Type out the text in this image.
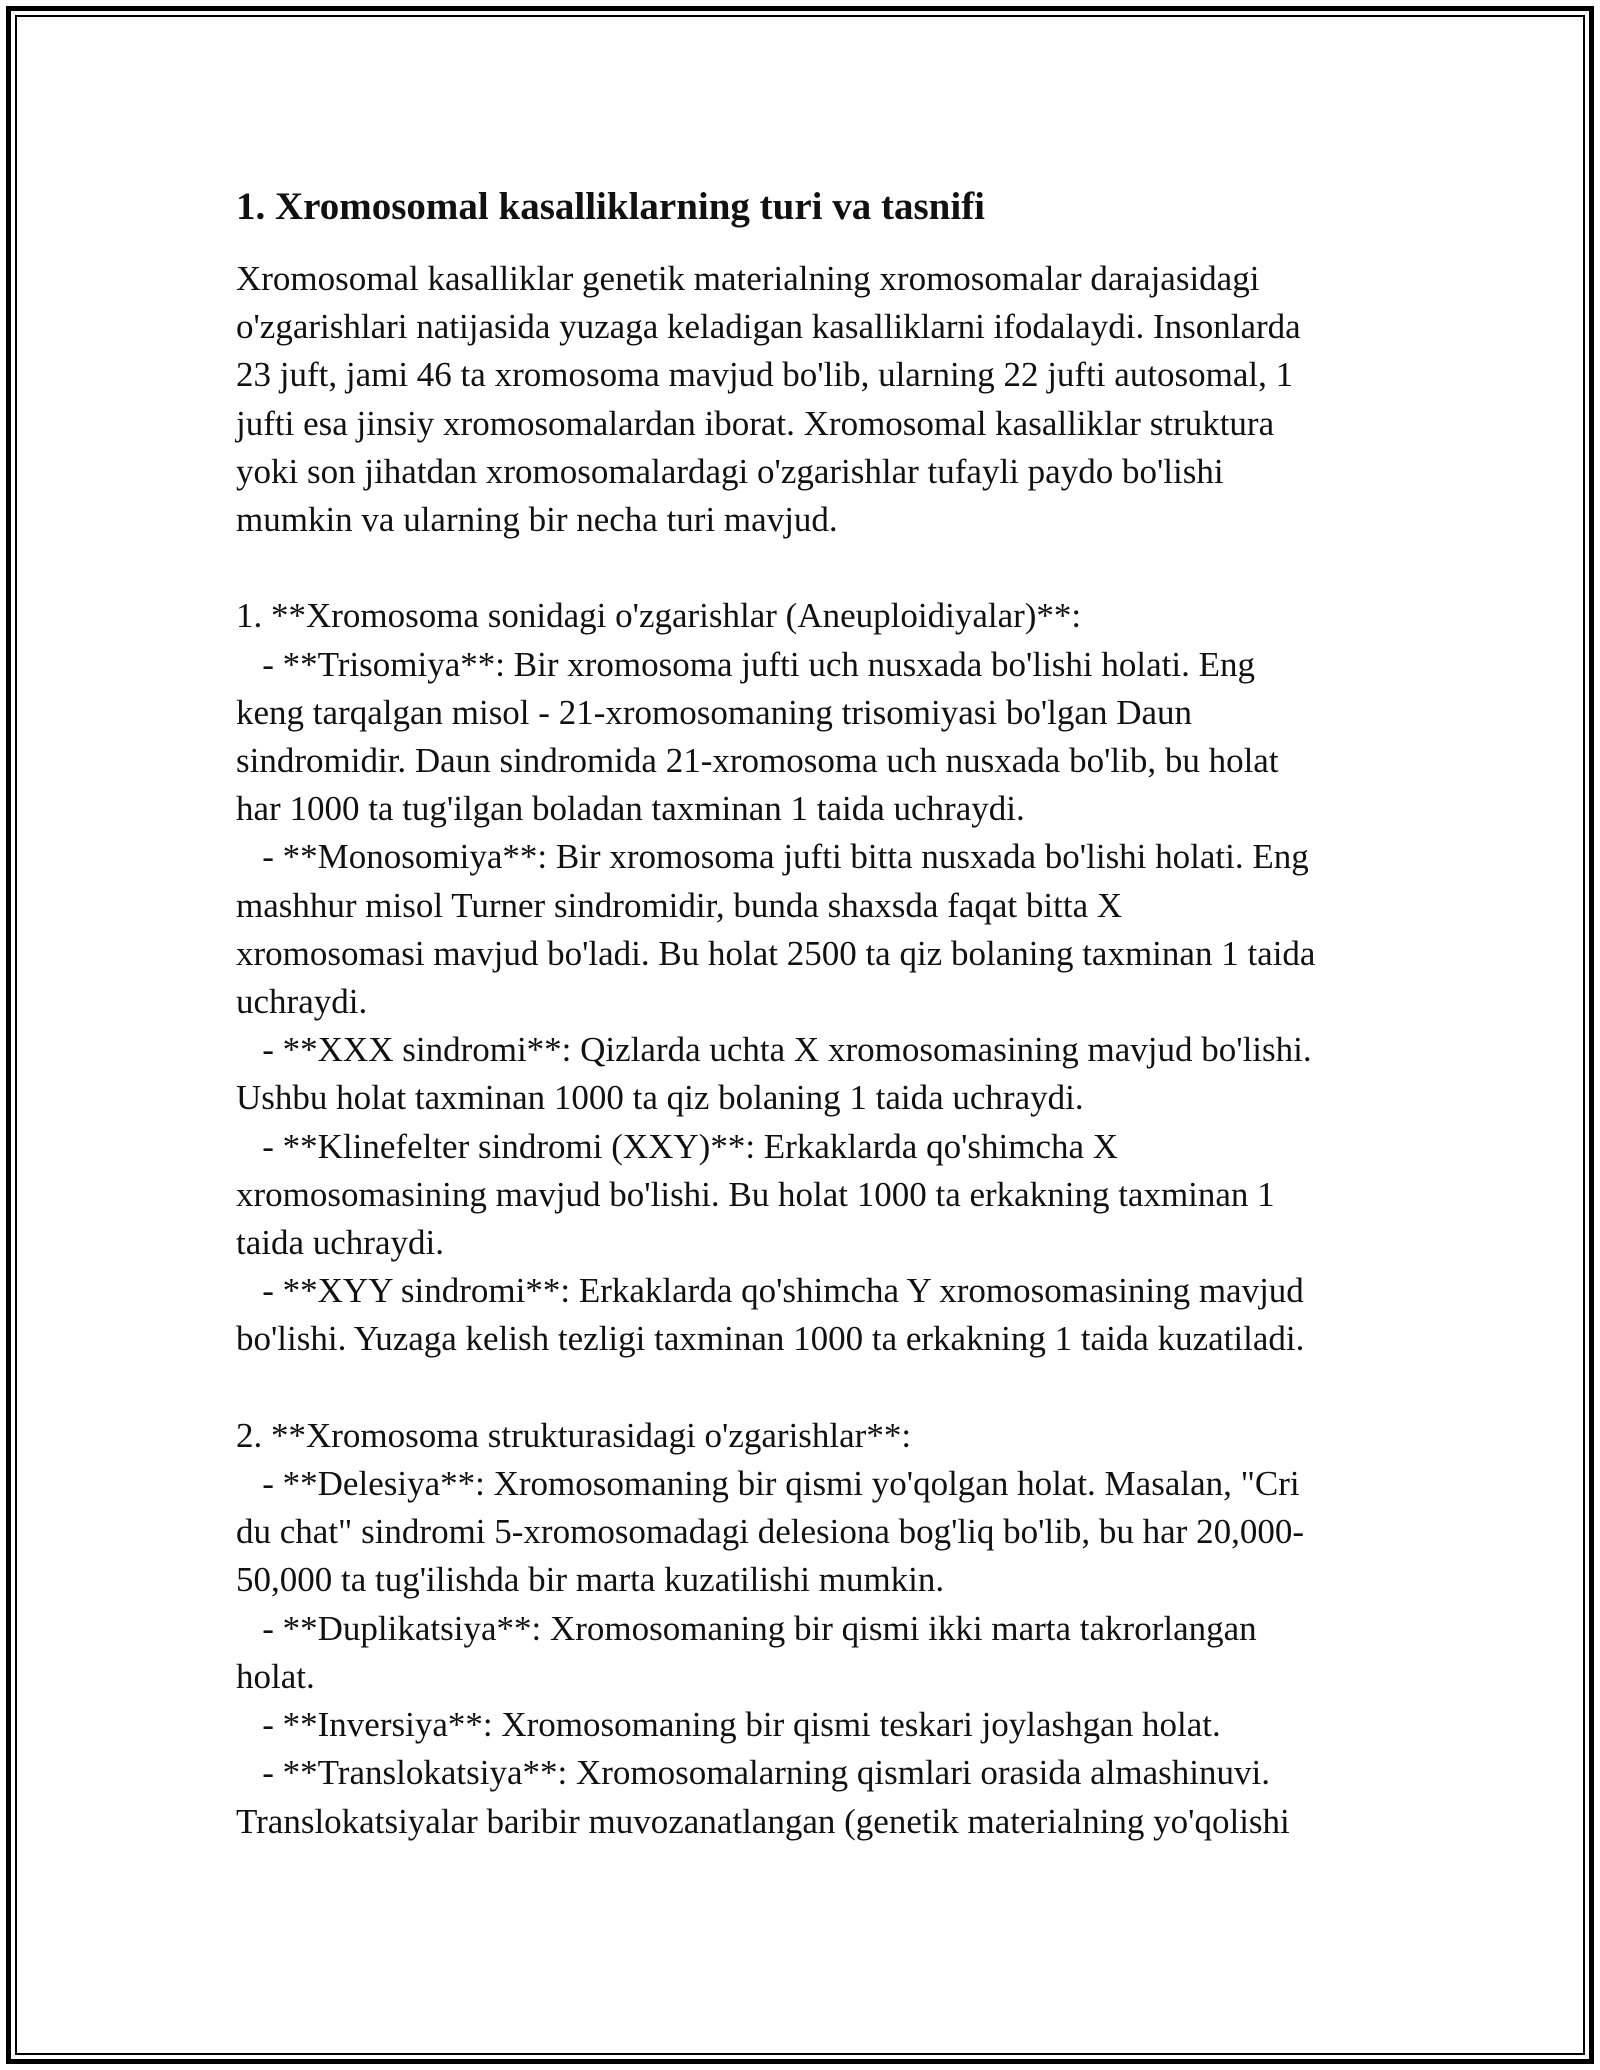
1. Xromosomal kasalliklarning turi va tasnifi
Xromosomal kasalliklar genetik materialning xromosomalar darajasidagi
o'zgarishlari natijasida yuzaga keladigan kasalliklarni ifodalaydi. Insonlarda
23 juft, jami 46 ta xromosoma mavjud bo'lib, ularning 22 jufti autosomal, 1
jufti esa jinsiy xromosomalardan iborat. Xromosomal kasalliklar struktura
yoki son jihatdan xromosomalardagi o'zgarishlar tufayli paydo bo'lishi
mumkin va ularning bir necha turi mavjud.

1. **Xromosoma sonidagi o'zgarishlar (Aneuploidiyalar)**:
- **Trisomiya**: Bir xromosoma jufti uch nusxada bo'lishi holati. Eng
keng tarqalgan misol - 21-xromosomaning trisomiyasi bo'lgan Daun
sindromidir. Daun sindromida 21-xromosoma uch nusxada bo'lib, bu holat
har 1000 ta tug'ilgan boladan taxminan 1 taida uchraydi.
- **Monosomiya**: Bir xromosoma jufti bitta nusxada bo'lishi holati. Eng
mashhur misol Turner sindromidir, bunda shaxsda faqat bitta X
xromosomasi mavjud bo'ladi. Bu holat 2500 ta qiz bolaning taxminan 1 taida
uchraydi.
- **XXX sindromi**: Qizlarda uchta X xromosomasining mavjud bo'lishi.
Ushbu holat taxminan 1000 ta qiz bolaning 1 taida uchraydi.
- **Klinefelter sindromi (XXY)**: Erkaklarda qo'shimcha X
xromosomasining mavjud bo'lishi. Bu holat 1000 ta erkakning taxminan 1
taida uchraydi.
- **XYY sindromi**: Erkaklarda qo'shimcha Y xromosomasining mavjud
bo'lishi. Yuzaga kelish tezligi taxminan 1000 ta erkakning 1 taida kuzatiladi.

2. **Xromosoma strukturasidagi o'zgarishlar**:
- **Delesiya**: Xromosomaning bir qismi yo'qolgan holat. Masalan, "Cri
du chat" sindromi 5-xromosomadagi delesiona bog'liq bo'lib, bu har 20,000-
50,000 ta tug'ilishda bir marta kuzatilishi mumkin.
- **Duplikatsiya**: Xromosomaning bir qismi ikki marta takrorlangan
holat.
- **Inversiya**: Xromosomaning bir qismi teskari joylashgan holat.
- **Translokatsiya**: Xromosomalarning qismlari orasida almashinuvi.
Translokatsiyalar baribir muvozanatlangan (genetik materialning yo'qolishi
